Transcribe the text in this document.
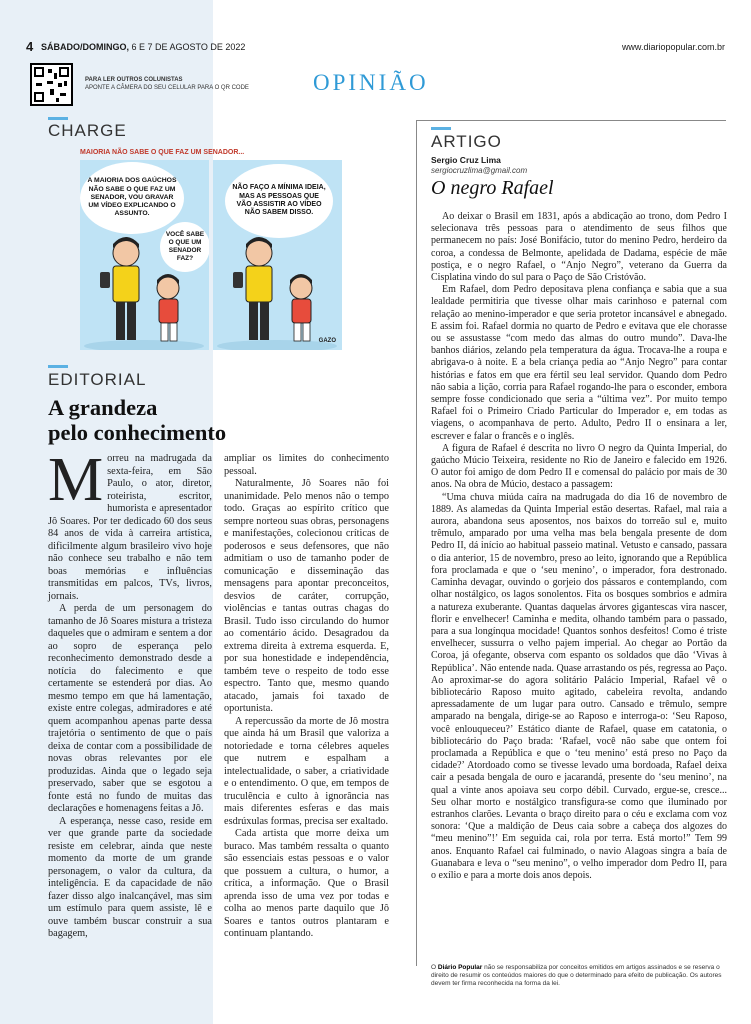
4 SÁBADO/DOMINGO, 6 E 7 DE AGOSTO DE 2022	www.diariopopular.com.br
PARA LER OUTROS COLUNISTAS
APONTE A CÂMERA DO SEU CELULAR PARA O QR CODE	OPINIÃO
CHARGE
MAIORIA NÃO SABE O QUE FAZ UM SENADOR...
A MAIORIA DOS GAÚCHOS NÃO SABE O QUE FAZ UM SENADOR, VOU GRAVAR UM VÍDEO EXPLICANDO O ASSUNTO.
VOCÊ SABE O QUE UM SENADOR FAZ?
NÃO FAÇO A MÍNIMA IDEIA, MAS AS PESSOAS QUE VÃO ASSISTIR AO VÍDEO NÃO SABEM DISSO.
GAZO
EDITORIAL
A grandeza
pelo conhecimento

Morreu na madrugada da sexta-feira, em São Paulo, o ator, diretor, roteirista, escritor, humorista e apresentador Jô Soares. Por ter dedicado 60 dos seus 84 anos de vida à carreira artística, dificilmente algum brasileiro vivo hoje não conhece seu trabalho e não tem boas memórias e influências transmitidas em palcos, TVs, livros, jornais.

A perda de um personagem do tamanho de Jô Soares mistura a tristeza daqueles que o admiram e sentem a dor ao sopro de esperança pelo reconhecimento demonstrado desde a notícia do falecimento e que certamente se estenderá por dias. Ao mesmo tempo em que há lamentação, existe entre colegas, admiradores e até quem acompanhou apenas parte dessa trajetória o sentimento de que o país deixa de contar com a possibilidade de novas obras relevantes por ele produzidas. Ainda que o legado seja preservado, saber que se esgotou a fonte está no fundo de muitas das declarações e homenagens feitas a Jô.

A esperança, nesse caso, reside em ver que grande parte da sociedade resiste em celebrar, ainda que neste momento da morte de um grande personagem, o valor da cultura, da inteligência. E da capacidade de não fazer disso algo inalcançável, mas sim um estímulo para quem assiste, lê e ouve também buscar construir a sua bagagem,

ampliar os limites do conhecimento pessoal.

Naturalmente, Jô Soares não foi unanimidade. Pelo menos não o tempo todo. Graças ao espírito crítico que sempre norteou suas obras, personagens e manifestações, colecionou críticas de poderosos e seus defensores, que não admitiam o uso de tamanho poder de comunicação e disseminação das mensagens para apontar preconceitos, desvios de caráter, corrupção, violências e tantas outras chagas do Brasil. Tudo isso circulando do humor ao comentário ácido. Desagradou da extrema direita à extrema esquerda. E, por sua honestidade e independência, também teve o respeito de todo esse espectro. Tanto que, mesmo quando atacado, jamais foi taxado de oportunista.

A repercussão da morte de Jô mostra que ainda há um Brasil que valoriza a notoriedade e torna célebres aqueles que nutrem e espalham a intelectualidade, o saber, a criatividade e o entendimento. O que, em tempos de truculência e culto à ignorância nas mais diferentes esferas e das mais esdrúxulas formas, precisa ser exaltado.

Cada artista que morre deixa um buraco. Mas também ressalta o quanto são essenciais estas pessoas e o valor que possuem a cultura, o humor, a crítica, a informação. Que o Brasil aprenda isso de uma vez por todas e colha ao menos parte daquilo que Jô Soares e tantos outros plantaram e continuam plantando.

ARTIGO
Sergio Cruz Lima
sergiocruzlima@gmail.com
O negro Rafael

Ao deixar o Brasil em 1831, após a abdicação ao trono, dom Pedro I selecionava três pessoas para o atendimento de seus filhos que permanecem no país: José Bonifácio, tutor do menino Pedro, herdeiro da coroa, a condessa de Belmonte, apelidada de Dadama, espécie de mãe postiça, e o negro Rafael, o “Anjo Negro”, veterano da Guerra da Cisplatina vindo do sul para o Paço de São Cristóvão.

Em Rafael, dom Pedro depositava plena confiança e sabia que a sua lealdade permitiria que tivesse olhar mais carinhoso e paternal com relação ao menino-imperador e que seria protetor incansável e abnegado. E assim foi. Rafael dormia no quarto de Pedro e evitava que ele chorasse ou se assustasse “com medo das almas do outro mundo”. Dava-lhe banhos diários, zelando pela temperatura da água. Trocava-lhe a roupa e abrigava-o à noite. E a bela criança pedia ao “Anjo Negro” para contar histórias e fatos em que era fértil seu leal servidor. Quando dom Pedro não sabia a lição, corria para Rafael rogando-lhe para o esconder, embora sempre fosse condicionado que seria a “última vez”. Por muito tempo Rafael foi o Primeiro Criado Particular do Imperador e, em todas as viagens, o acompanhava de perto. Adulto, Pedro II o ensinara a ler, escrever e falar o francês e o inglês.

A figura de Rafael é descrita no livro O negro da Quinta Imperial, do gaúcho Múcio Teixeira, residente no Rio de Janeiro e falecido em 1926. O autor foi amigo de dom Pedro II e comensal do palácio por mais de 30 anos. Na obra de Múcio, destaco a passagem:

“Uma chuva miúda caíra na madrugada do dia 16 de novembro de 1889. As alamedas da Quinta Imperial estão desertas. Rafael, mal raia a aurora, abandona seus aposentos, nos baixos do torreão sul e, muito trêmulo, amparado por uma velha mas bela bengala presente de dom Pedro II, dá início ao habitual passeio matinal. Vetusto e cansado, passara o dia anterior, 15 de novembro, preso ao leito, ignorando que a República fora proclamada e que o ‘seu menino’, o imperador, fora destronado. Caminha devagar, ouvindo o gorjeio dos pássaros e contemplando, com olhar nostálgico, os lagos sonolentos. Fita os bosques sombrios e admira a natureza exuberante. Quantas daquelas árvores gigantescas vira nascer, florir e envelhecer! Caminha e medita, olhando também para o passado, para a sua longínqua mocidade! Quantos sonhos desfeitos! Como é triste envelhecer, sussurra o velho pajem imperial. Ao chegar ao Portão da Coroa, já ofegante, observa com espanto os soldados que dão ‘Vivas à República’. Não entende nada. Quase arrastando os pés, regressa ao Paço. Ao aproximar-se do agora solitário Palácio Imperial, Rafael vê o bibliotecário Raposo muito agitado, cabeleira revolta, andando apressadamente de um lugar para outro. Cansado e trêmulo, sempre amparado na bengala, dirige-se ao Raposo e interroga-o: ‘Seu Raposo, você enlouqueceu?’ Estático diante de Rafael, quase em catatonia, o bibliotecário do Paço brada: ‘Rafael, você não sabe que ontem foi proclamada a República e que o ‘teu menino’ está preso no Paço da cidade?’ Atordoado como se tivesse levado uma bordoada, Rafael deixa cair a pesada bengala de ouro e jacarandá, presente do ‘seu menino’, na qual a vinte anos apoiava seu corpo débil. Curvado, ergue-se, cresce... Seu olhar morto e nostálgico transfigura-se como que iluminado por estranhos clarões. Levanta o braço direito para o céu e exclama com voz sonora: ‘Que a maldição de Deus caia sobre a cabeça dos algozes do “meu menino”!’ Em seguida cai, rola por terra. Está morto!” Tem 99 anos. Enquanto Rafael cai fulminado, o navio Alagoas singra a baía de Guanabara e leva o “seu menino”, o velho imperador dom Pedro II, para o exílio e para a morte dois anos depois.

O Diário Popular não se responsabiliza por conceitos emitidos em artigos assinados e se reserva o direito de resumir os conteúdos maiores do que o determinado para efeito de publicação. Os autores devem ter firma reconhecida na forma da lei.
